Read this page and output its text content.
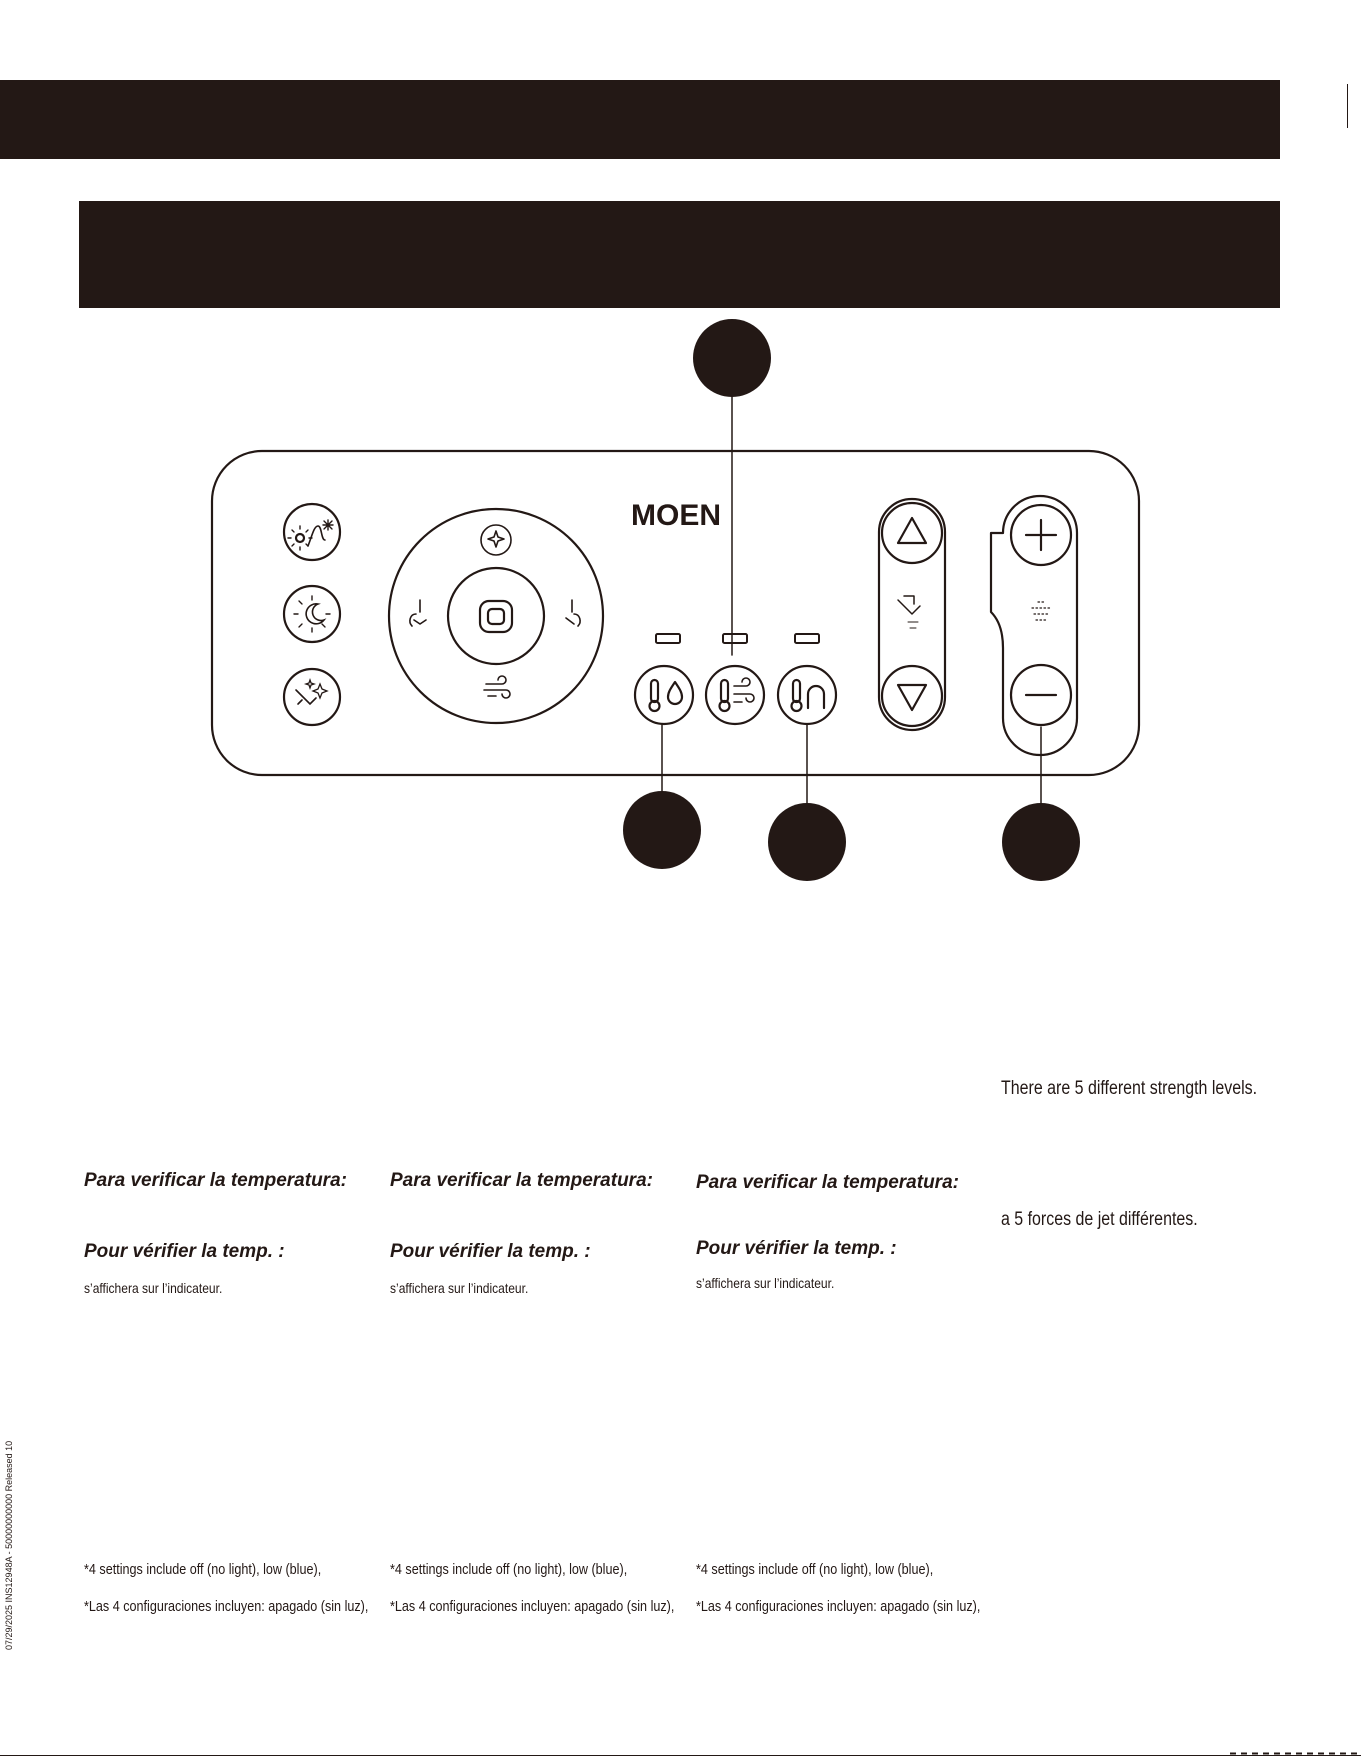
MOEN
Para verificar la temperatura:
Pour vérifier la temp. :
s’affichera sur l’indicateur.
*4 settings include off (no light), low (blue),
*Las 4 configuraciones incluyen: apagado (sin luz),
Para verificar la temperatura:
Pour vérifier la temp. :
s’affichera sur l’indicateur.
*4 settings include off (no light), low (blue),
*Las 4 configuraciones incluyen: apagado (sin luz),
Para verificar la temperatura:
Pour vérifier la temp. :
s’affichera sur l’indicateur.
*4 settings include off (no light), low (blue),
*Las 4 configuraciones incluyen: apagado (sin luz),
There are 5 different strength levels.
a 5 forces de jet différentes.
07/29/2025 INS12948A - 50000000000 Released 10
